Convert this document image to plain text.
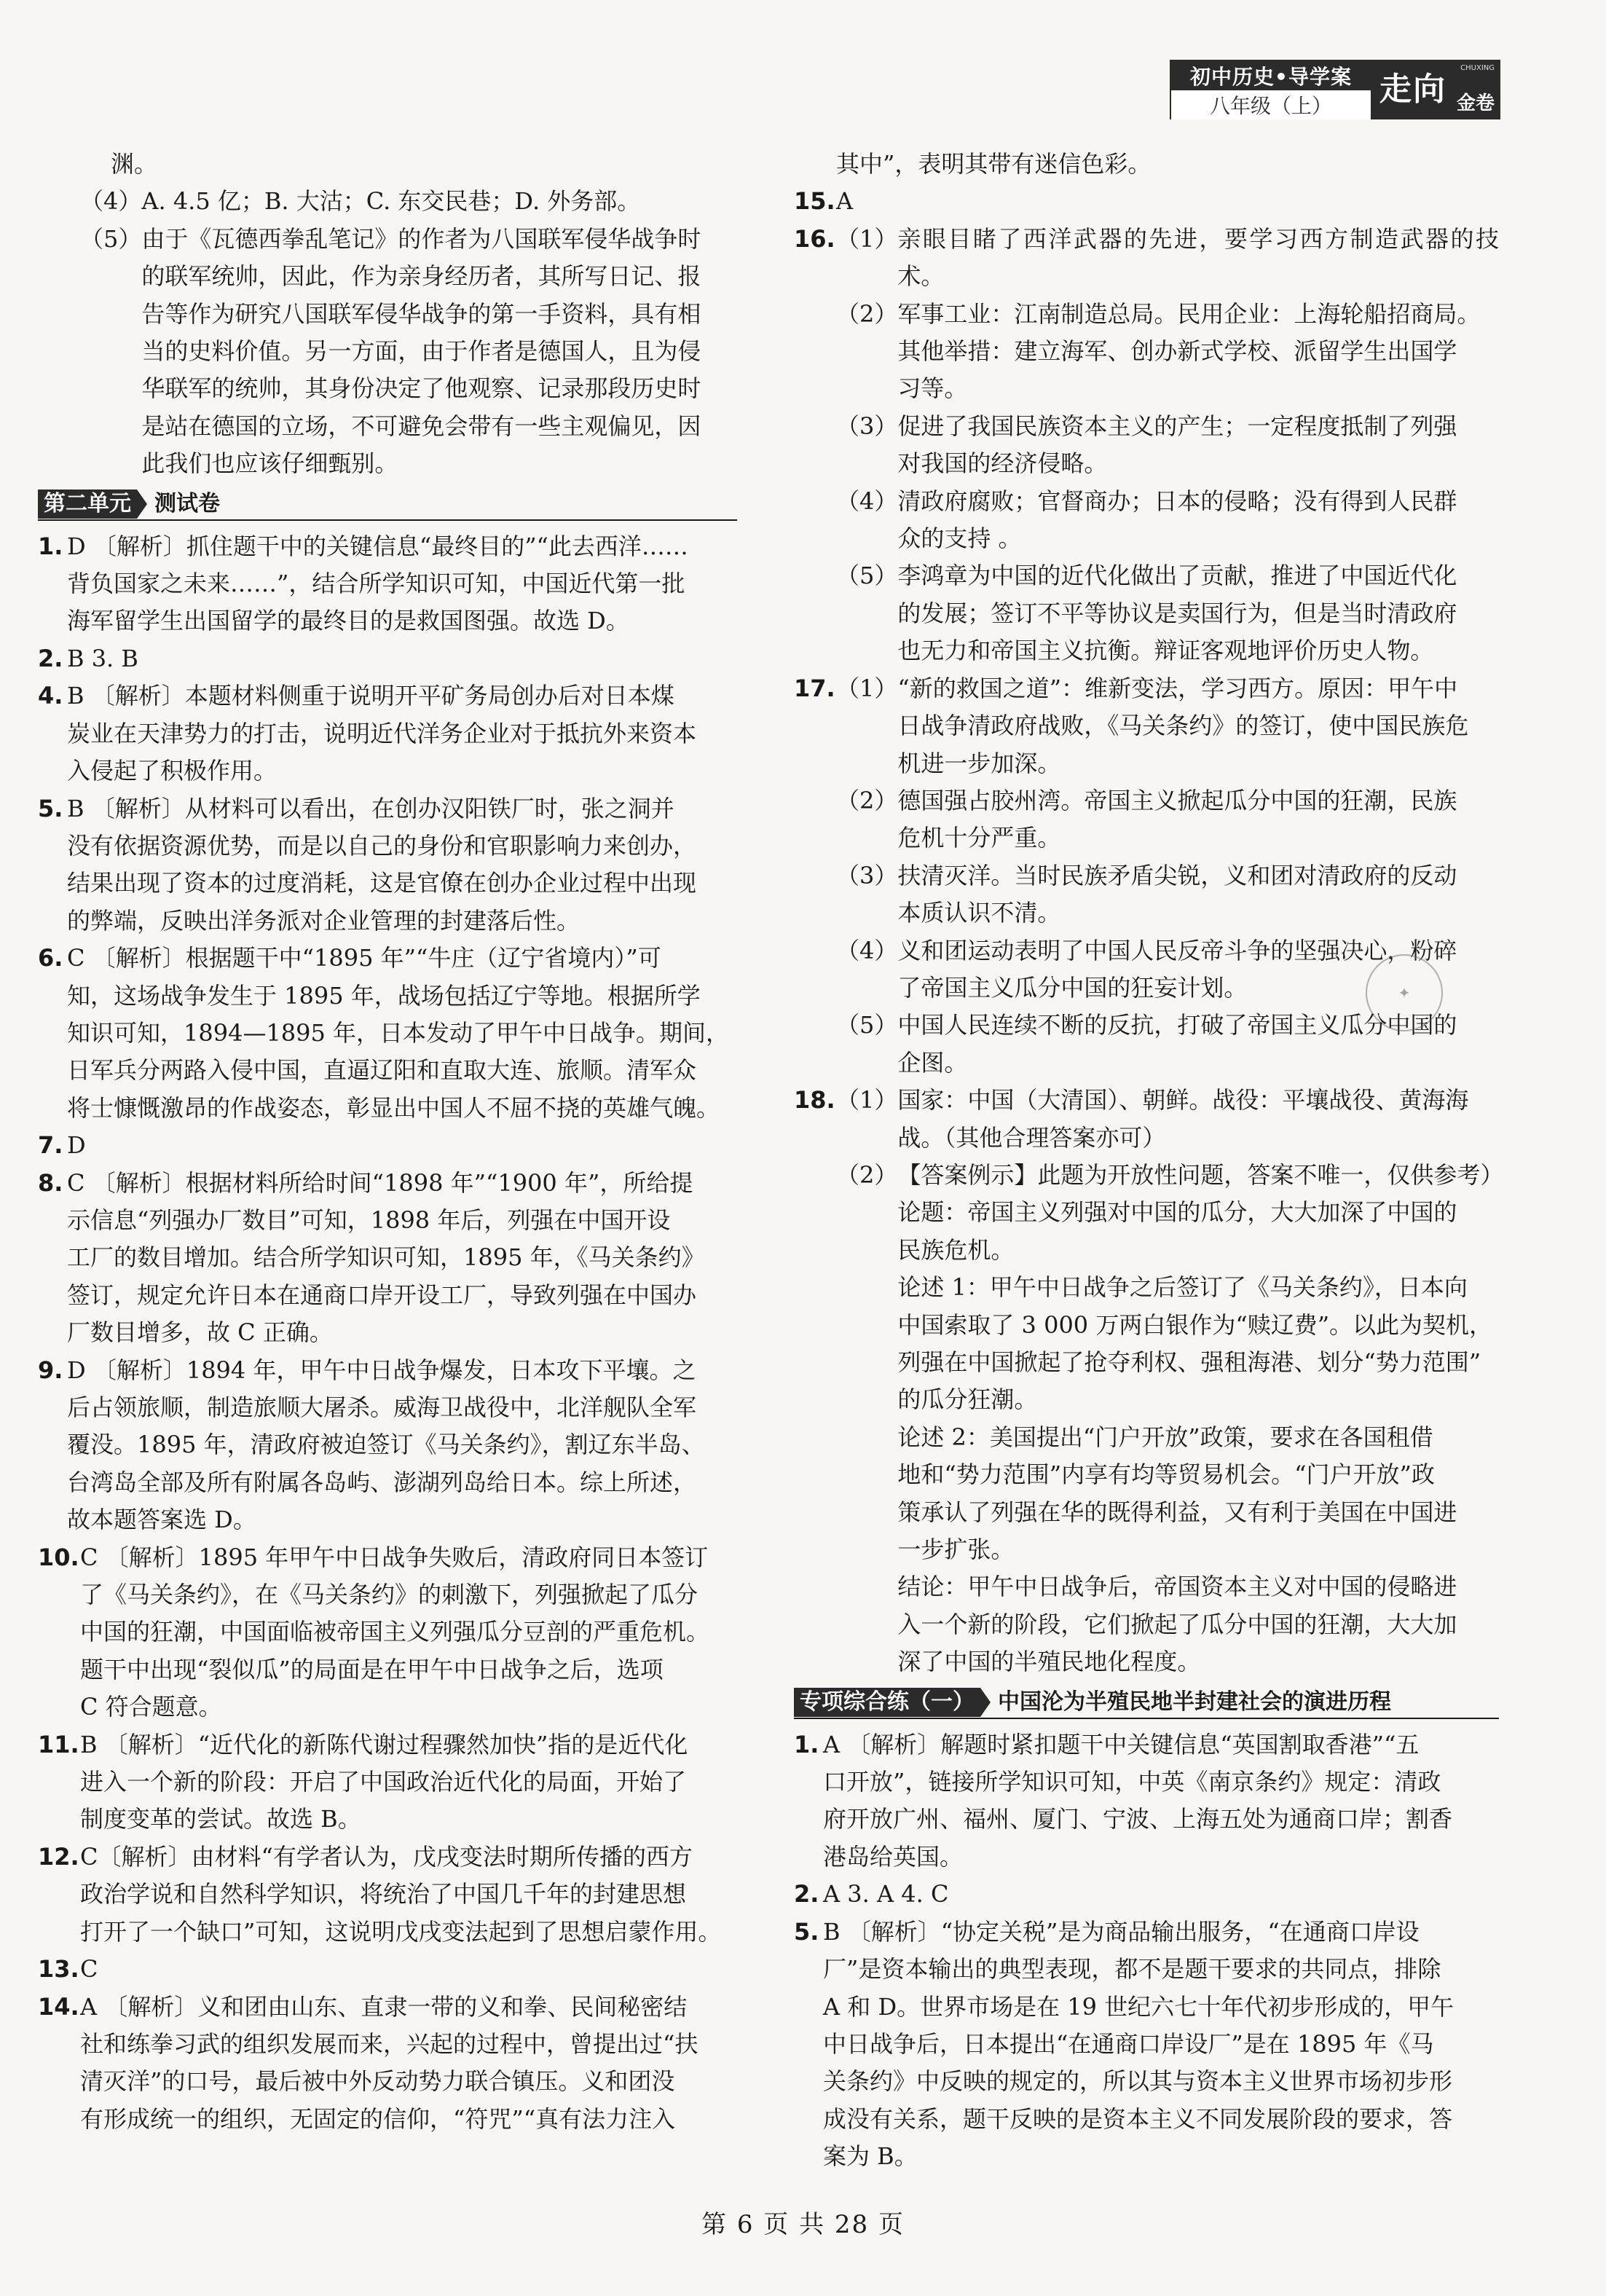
初中历史•导学案
八年级（上）
CHUXING
走向 金卷
渊。
（4）A. 4.5 亿；B. 大沽；C. 东交民巷；D. 外务部。
（5） 由于《瓦德西拳乱笔记》的作者为八国联军侵华战争时
的联军统帅，因此，作为亲身经历者，其所写日记、报
告等作为研究八国联军侵华战争的第一手资料，具有相
当的史料价值。另一方面，由于作者是德国人，且为侵
华联军的统帅，其身份决定了他观察、记录那段历史时
是站在德国的立场，不可避免会带有一些主观偏见，因
此我们也应该仔细甄别。
第二单元 测试卷
1. D 〔解析〕抓住题干中的关键信息“最终目的”“此去西洋……
背负国家之未来……”，结合所学知识可知，中国近代第一批
海军留学生出国留学的最终目的是救国图强。故选 D。
2. B 3. B
4. B 〔解析〕本题材料侧重于说明开平矿务局创办后对日本煤
炭业在天津势力的打击，说明近代洋务企业对于抵抗外来资本
入侵起了积极作用。
5. B 〔解析〕从材料可以看出，在创办汉阳铁厂时，张之洞并
没有依据资源优势，而是以自己的身份和官职影响力来创办，
结果出现了资本的过度消耗，这是官僚在创办企业过程中出现
的弊端，反映出洋务派对企业管理的封建落后性。
6. C 〔解析〕根据题干中“1895 年”“牛庄（辽宁省境内）”可
知，这场战争发生于 1895 年，战场包括辽宁等地。根据所学
知识可知，1894—1895 年，日本发动了甲午中日战争。期间，
日军兵分两路入侵中国，直逼辽阳和直取大连、旅顺。清军众
将士慷慨激昂的作战姿态，彰显出中国人不屈不挠的英雄气魄。
7. D
8. C 〔解析〕根据材料所给时间“1898 年”“1900 年”，所给提
示信息“列强办厂数目”可知，1898 年后，列强在中国开设
工厂的数目增加。结合所学知识可知，1895 年，《马关条约》
签订，规定允许日本在通商口岸开设工厂，导致列强在中国办
厂数目增多，故 C 正确。
9. D 〔解析〕1894 年，甲午中日战争爆发，日本攻下平壤。之
后占领旅顺，制造旅顺大屠杀。威海卫战役中，北洋舰队全军
覆没。1895 年，清政府被迫签订《马关条约》，割辽东半岛、
台湾岛全部及所有附属各岛屿、澎湖列岛给日本。综上所述，
故本题答案选 D。
10. C 〔解析〕1895 年甲午中日战争失败后，清政府同日本签订
了《马关条约》，在《马关条约》的刺激下，列强掀起了瓜分
中国的狂潮，中国面临被帝国主义列强瓜分豆剖的严重危机。
题干中出现“裂似瓜”的局面是在甲午中日战争之后，选项
C 符合题意。
11. B 〔解析〕“近代化的新陈代谢过程骤然加快”指的是近代化
进入一个新的阶段：开启了中国政治近代化的局面，开始了
制度变革的尝试。故选 B。
12. C〔解析〕由材料“有学者认为，戊戌变法时期所传播的西方
政治学说和自然科学知识，将统治了中国几千年的封建思想
打开了一个缺口”可知，这说明戊戌变法起到了思想启蒙作用。
13. C
14. A 〔解析〕义和团由山东、直隶一带的义和拳、民间秘密结
社和练拳习武的组织发展而来，兴起的过程中，曾提出过“扶
清灭洋”的口号，最后被中外反动势力联合镇压。义和团没
有形成统一的组织，无固定的信仰，“符咒”“真有法力注入
其中”，表明其带有迷信色彩。
15. A
16. （1） 亲眼目睹了西洋武器的先进，要学习西方制造武器的技术。
（2） 军事工业：江南制造总局。民用企业：上海轮船招商局。
其他举措：建立海军、创办新式学校、派留学生出国学
习等。
（3） 促进了我国民族资本主义的产生；一定程度抵制了列强
对我国的经济侵略。
（4） 清政府腐败；官督商办；日本的侵略；没有得到人民群
众的支持 。
（5） 李鸿章为中国的近代化做出了贡献，推进了中国近代化
的发展；签订不平等协议是卖国行为，但是当时清政府
也无力和帝国主义抗衡。辩证客观地评价历史人物。
17. （1） “新的救国之道”：维新变法，学习西方。原因：甲午中
日战争清政府战败，《马关条约》的签订，使中国民族危
机进一步加深。
（2） 德国强占胶州湾。帝国主义掀起瓜分中国的狂潮，民族
危机十分严重。
（3） 扶清灭洋。当时民族矛盾尖锐，义和团对清政府的反动
本质认识不清。
（4） 义和团运动表明了中国人民反帝斗争的坚强决心，粉碎
了帝国主义瓜分中国的狂妄计划。
（5） 中国人民连续不断的反抗，打破了帝国主义瓜分中国的
企图。
18. （1） 国家：中国（大清国）、朝鲜。战役：平壤战役、黄海海
战。（其他合理答案亦可）
（2） 【答案例示】此题为开放性问题，答案不唯一，仅供参考）
论题：帝国主义列强对中国的瓜分，大大加深了中国的
民族危机。
论述 1：甲午中日战争之后签订了《马关条约》，日本向
中国索取了 3 000 万两白银作为“赎辽费”。以此为契机，
列强在中国掀起了抢夺利权、强租海港、划分“势力范围”
的瓜分狂潮。
论述 2：美国提出“门户开放”政策，要求在各国租借
地和“势力范围”内享有均等贸易机会。“门户开放”政
策承认了列强在华的既得利益，又有利于美国在中国进
一步扩张。
结论：甲午中日战争后，帝国资本主义对中国的侵略进
入一个新的阶段，它们掀起了瓜分中国的狂潮，大大加
深了中国的半殖民地化程度。
专项综合练（一） 中国沦为半殖民地半封建社会的演进历程
1. A 〔解析〕解题时紧扣题干中关键信息“英国割取香港”“五
口开放”，链接所学知识可知，中英《南京条约》规定：清政
府开放广州、福州、厦门、宁波、上海五处为通商口岸；割香
港岛给英国。
2. A 3. A 4. C
5. B 〔解析〕“协定关税”是为商品输出服务，“在通商口岸设
厂”是资本输出的典型表现，都不是题干要求的共同点，排除
A 和 D。世界市场是在 19 世纪六七十年代初步形成的，甲午
中日战争后，日本提出“在通商口岸设厂”是在 1895 年《马
关条约》中反映的规定的，所以其与资本主义世界市场初步形
成没有关系，题干反映的是资本主义不同发展阶段的要求，答
案为 B。
✦
第 6 页 共 28 页
